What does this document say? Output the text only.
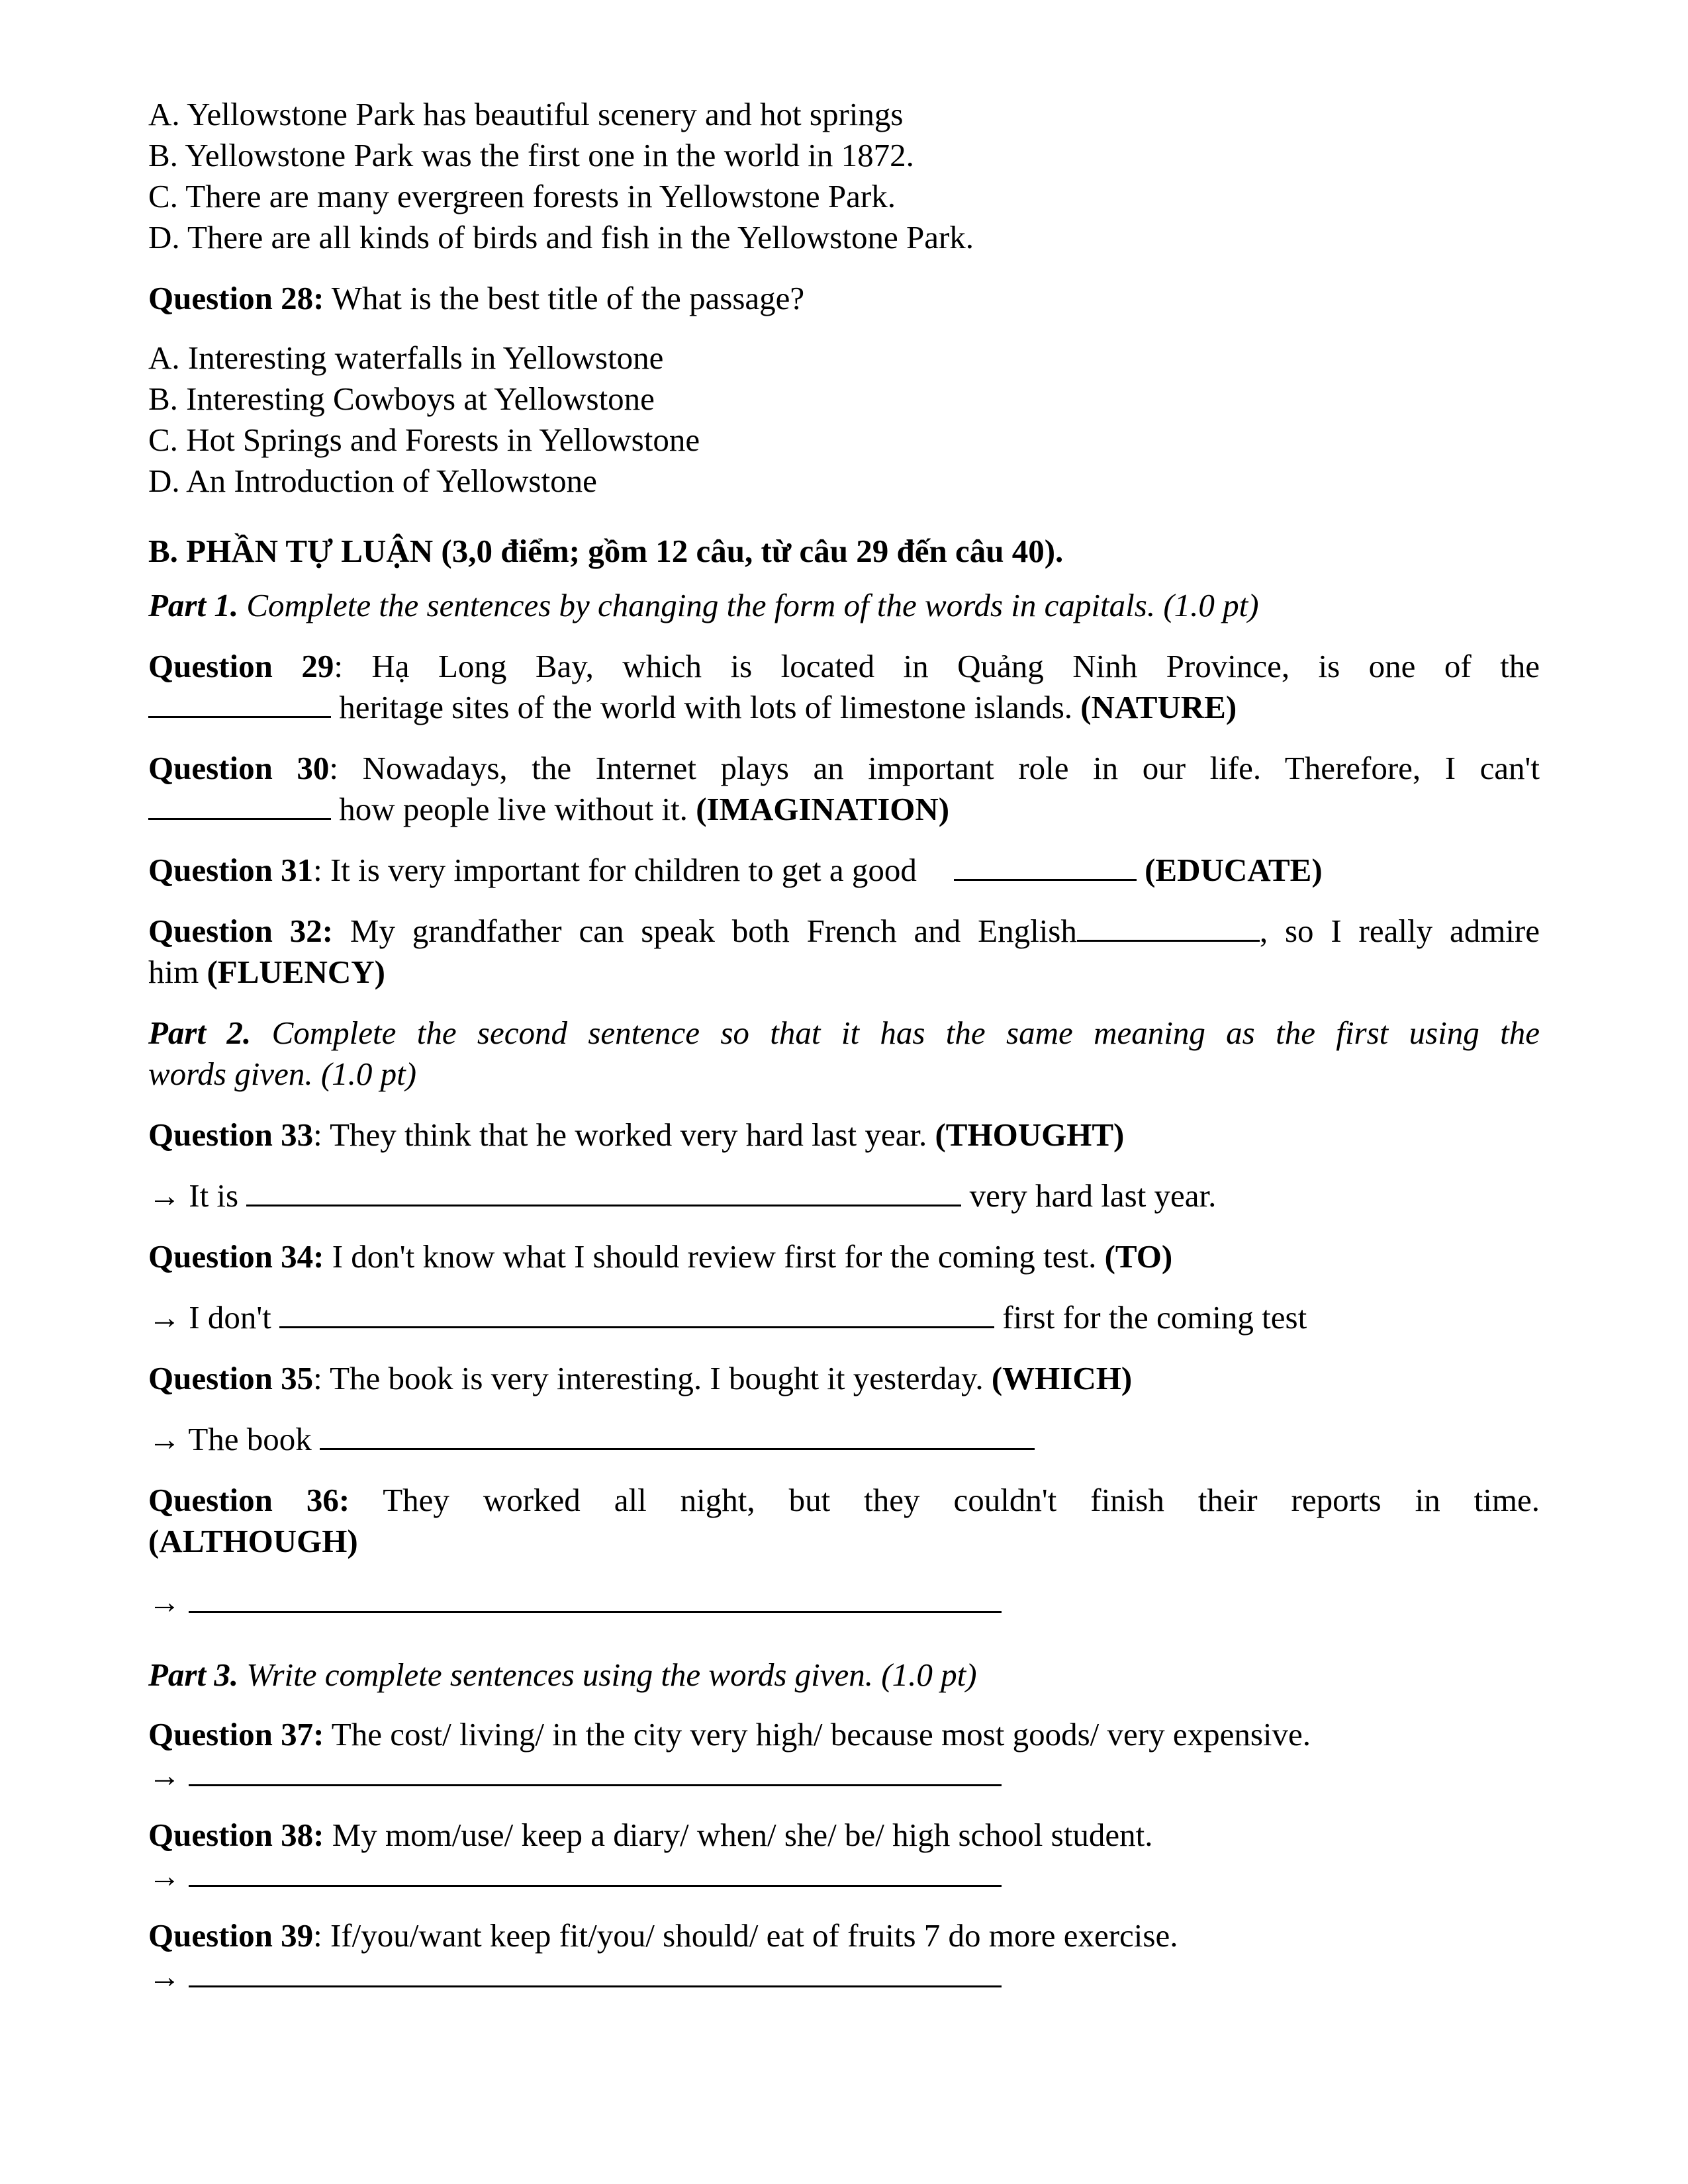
A. Yellowstone Park has beautiful scenery and hot springs

B. Yellowstone Park was the first one in the world in 1872.

C. There are many evergreen forests in Yellowstone Park.

D. There are all kinds of birds and fish in the Yellowstone Park.

Question 28: What is the best title of the passage?

A. Interesting waterfalls in Yellowstone

B. Interesting Cowboys at Yellowstone

C. Hot Springs and Forests in Yellowstone

D. An Introduction of Yellowstone

B. PHẦN TỰ LUẬN (3,0 điểm; gồm 12 câu, từ câu 29 đến câu 40).

Part 1. Complete the sentences by changing the form of the words in capitals. (1.0 pt)

Question 29: Hạ Long Bay, which is located in Quảng Ninh Province, is one of the

heritage sites of the world with lots of limestone islands. (NATURE)

Question 30: Nowadays, the Internet plays an important role in our life. Therefore, I can't

how people live without it. (IMAGINATION)

Question 31: It is very important for children to get a good	(EDUCATE)

Question 32: My grandfather can speak both French and English	, so I really admire

him (FLUENCY)

Part 2. Complete the second sentence so that it has the same meaning as the first using the

words given. (1.0 pt)

Question 33: They think that he worked very hard last year. (THOUGHT)

→ It is	very hard last year.

Question 34: I don't know what I should review first for the coming test. (TO)

→ I don't	first for the coming test

Question 35: The book is very interesting. I bought it yesterday. (WHICH)

→ The book

Question 36: They worked all night, but they couldn't finish their reports in time.

(ALTHOUGH)

→

Part 3. Write complete sentences using the words given. (1.0 pt)

Question 37: The cost/ living/ in the city very high/ because most goods/ very expensive.

→

Question 38: My mom/use/ keep a diary/ when/ she/ be/ high school student.

→

Question 39: If/you/want keep fit/you/ should/ eat of fruits 7 do more exercise.

→
